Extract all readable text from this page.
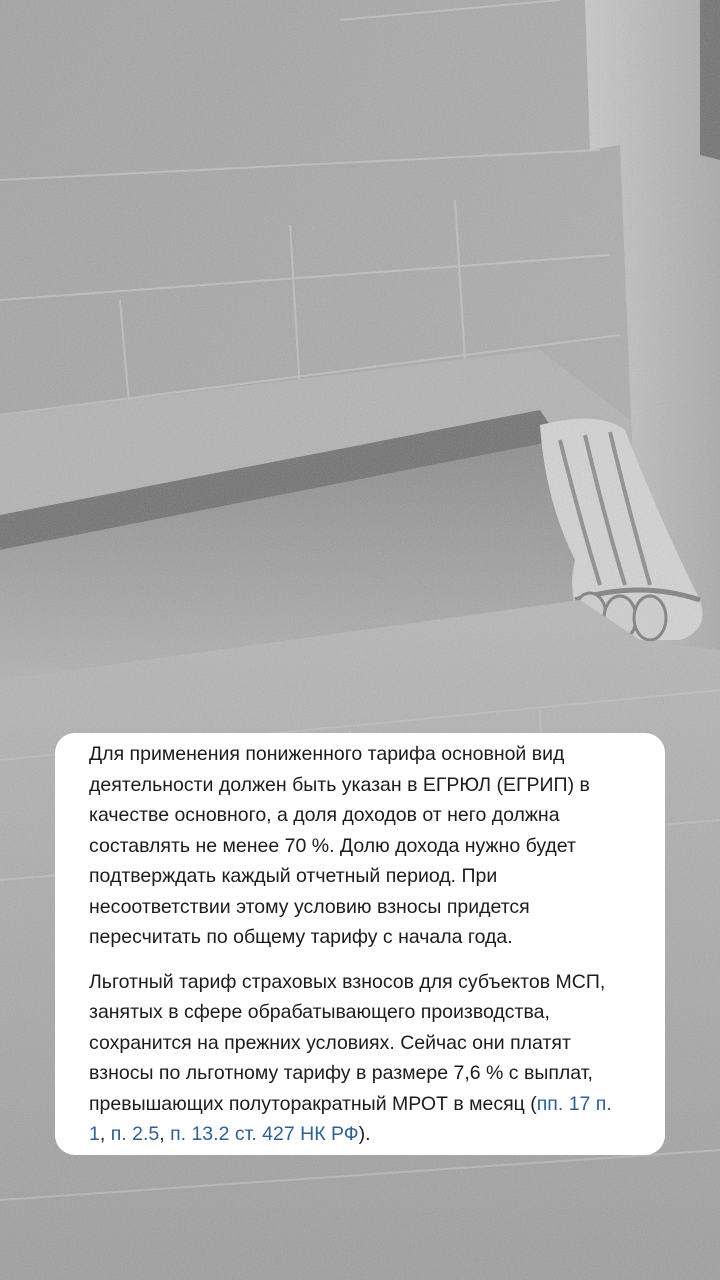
Для применения пониженного тарифа основной вид деятельности должен быть указан в ЕГРЮЛ (ЕГРИП) в качестве основного, а доля доходов от него должна составлять не менее 70 %. Долю дохода нужно будет подтверждать каждый отчетный период. При несоответствии этому условию взносы придется пересчитать по общему тарифу с начала года.

Льготный тариф страховых взносов для субъектов МСП, занятых в сфере обрабатывающего производства, сохранится на прежних условиях. Сейчас они платят взносы по льготному тарифу в размере 7,6 % с выплат, превышающих полуторакратный МРОТ в месяц (пп. 17 п. 1, п. 2.5, п. 13.2 ст. 427 НК РФ).
